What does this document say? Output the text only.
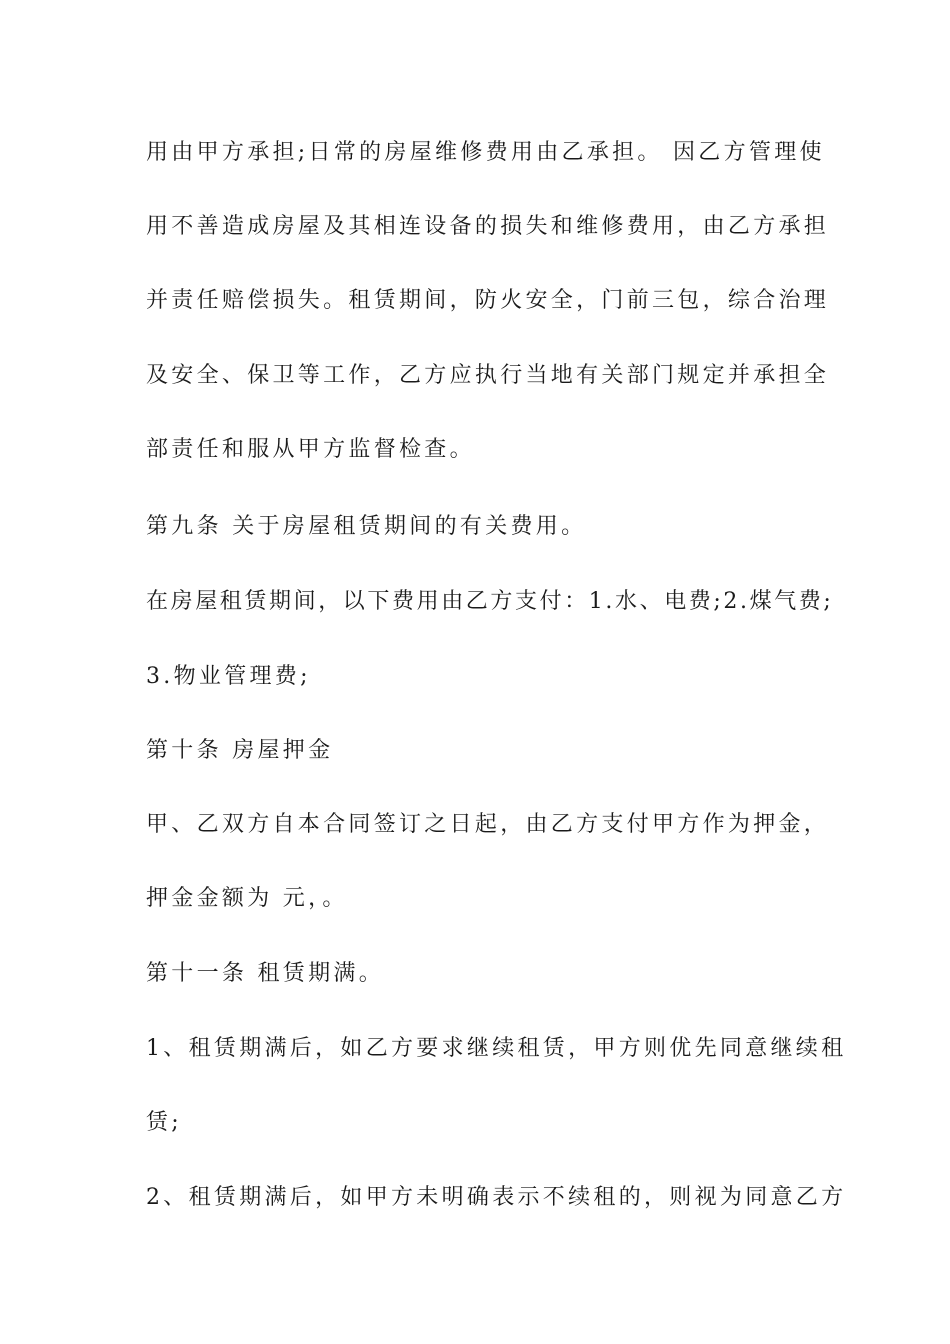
用由甲方承担;日常的房屋维修费用由乙承担。 因乙方管理使
用不善造成房屋及其相连设备的损失和维修费用，由乙方承担
并责任赔偿损失。租赁期间，防火安全，门前三包，综合治理
及安全、保卫等工作，乙方应执行当地有关部门规定并承担全
部责任和服从甲方监督检查。
第九条 关于房屋租赁期间的有关费用。
在房屋租赁期间，以下费用由乙方支付：1.水、电费;2.煤气费;
3.物业管理费;
第十条 房屋押金
甲、乙双方自本合同签订之日起，由乙方支付甲方作为押金，
押金金额为 元，。
第十一条 租赁期满。
1、租赁期满后，如乙方要求继续租赁，甲方则优先同意继续租
赁;
2、租赁期满后，如甲方未明确表示不续租的，则视为同意乙方
